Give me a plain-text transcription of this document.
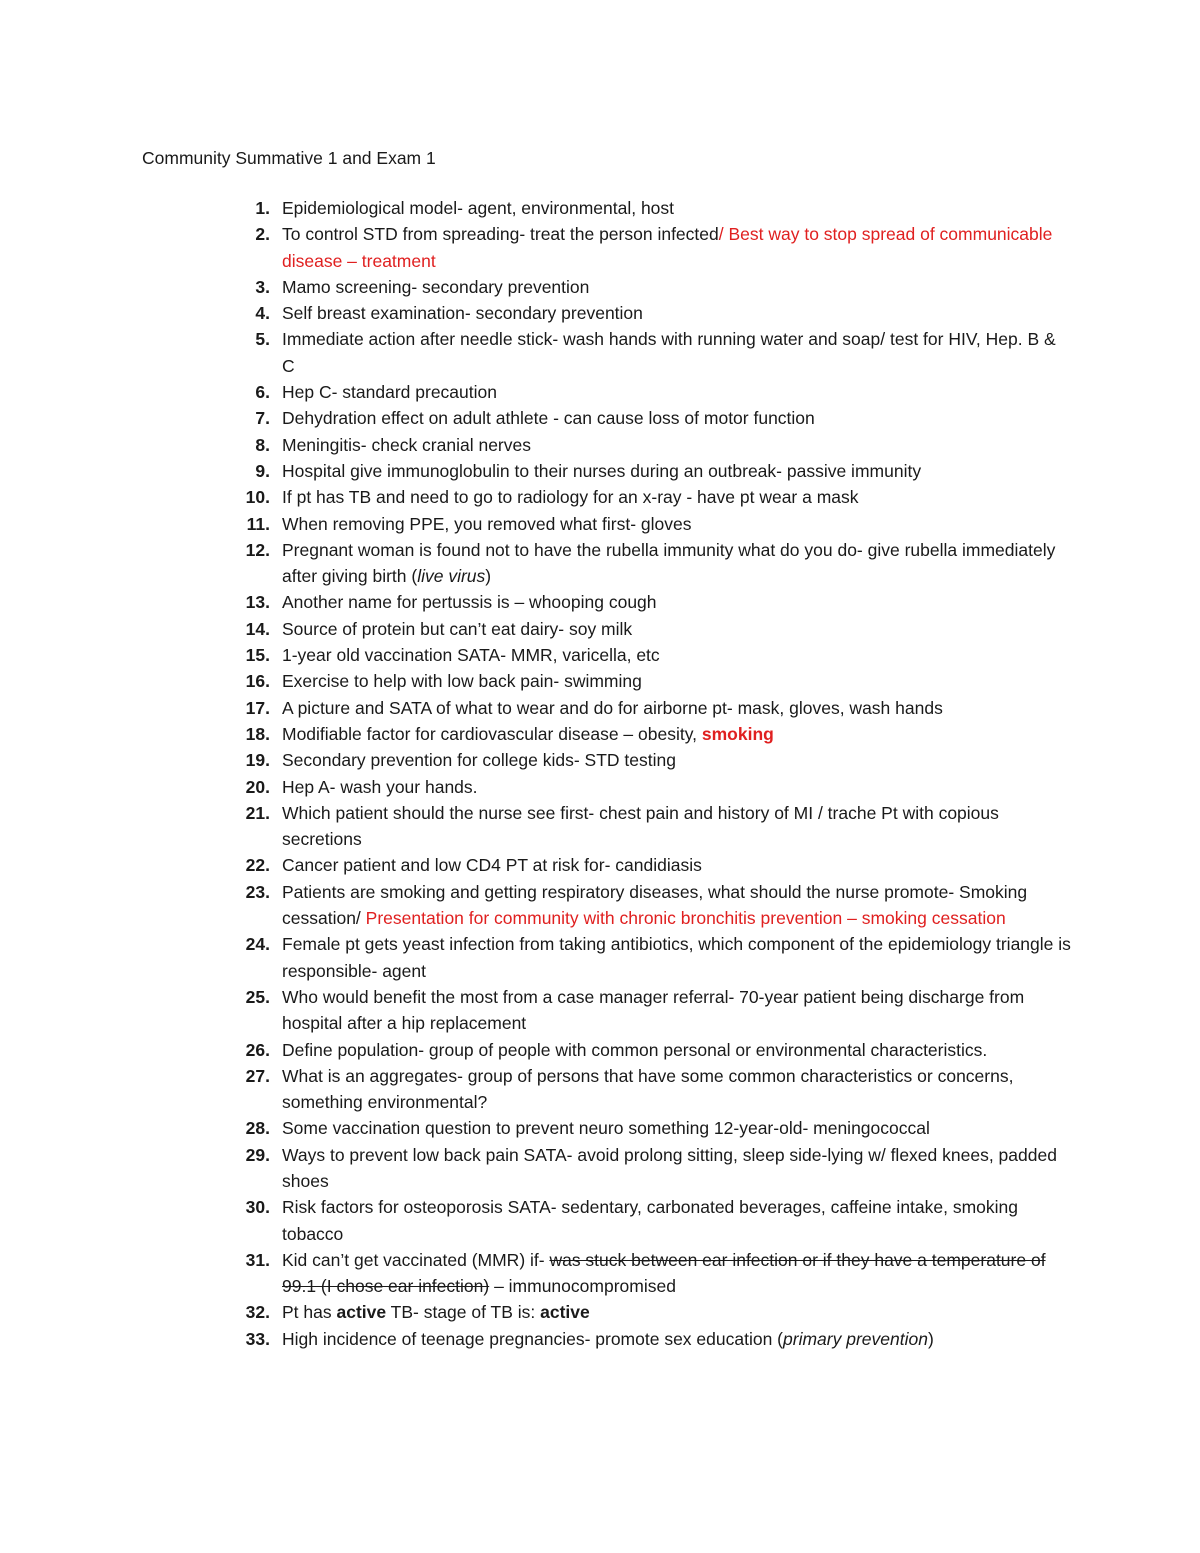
Community Summative 1 and Exam 1
1. Epidemiological model- agent, environmental, host
2. To control STD from spreading- treat the person infected/ Best way to stop spread of communicable disease – treatment
3. Mamo screening- secondary prevention
4. Self breast examination- secondary prevention
5. Immediate action after needle stick- wash hands with running water and soap/ test for HIV, Hep. B & C
6. Hep C- standard precaution
7. Dehydration effect on adult athlete - can cause loss of motor function
8. Meningitis- check cranial nerves
9. Hospital give immunoglobulin to their nurses during an outbreak- passive immunity
10. If pt has TB and need to go to radiology for an x-ray - have pt wear a mask
11. When removing PPE, you removed what first- gloves
12. Pregnant woman is found not to have the rubella immunity what do you do- give rubella immediately after giving birth (live virus)
13. Another name for pertussis is – whooping cough
14. Source of protein but can’t eat dairy- soy milk
15. 1-year old vaccination SATA- MMR, varicella, etc
16. Exercise to help with low back pain- swimming
17. A picture and SATA of what to wear and do for airborne pt- mask, gloves, wash hands
18. Modifiable factor for cardiovascular disease – obesity, smoking
19. Secondary prevention for college kids- STD testing
20. Hep A- wash your hands.
21. Which patient should the nurse see first- chest pain and history of MI / trache Pt with copious secretions
22. Cancer patient and low CD4 PT at risk for- candidiasis
23. Patients are smoking and getting respiratory diseases, what should the nurse promote- Smoking cessation/ Presentation for community with chronic bronchitis prevention – smoking cessation
24. Female pt gets yeast infection from taking antibiotics, which component of the epidemiology triangle is responsible- agent
25. Who would benefit the most from a case manager referral- 70-year patient being discharge from hospital after a hip replacement
26. Define population- group of people with common personal or environmental characteristics.
27. What is an aggregates- group of persons that have some common characteristics or concerns, something environmental?
28. Some vaccination question to prevent neuro something 12-year-old- meningococcal
29. Ways to prevent low back pain SATA- avoid prolong sitting, sleep side-lying w/ flexed knees, padded shoes
30. Risk factors for osteoporosis SATA- sedentary, carbonated beverages, caffeine intake, smoking tobacco
31. Kid can’t get vaccinated (MMR) if- was stuck between ear infection or if they have a temperature of 99.1 (I chose ear infection) – immunocompromised
32. Pt has active TB- stage of TB is: active
33. High incidence of teenage pregnancies- promote sex education (primary prevention)
